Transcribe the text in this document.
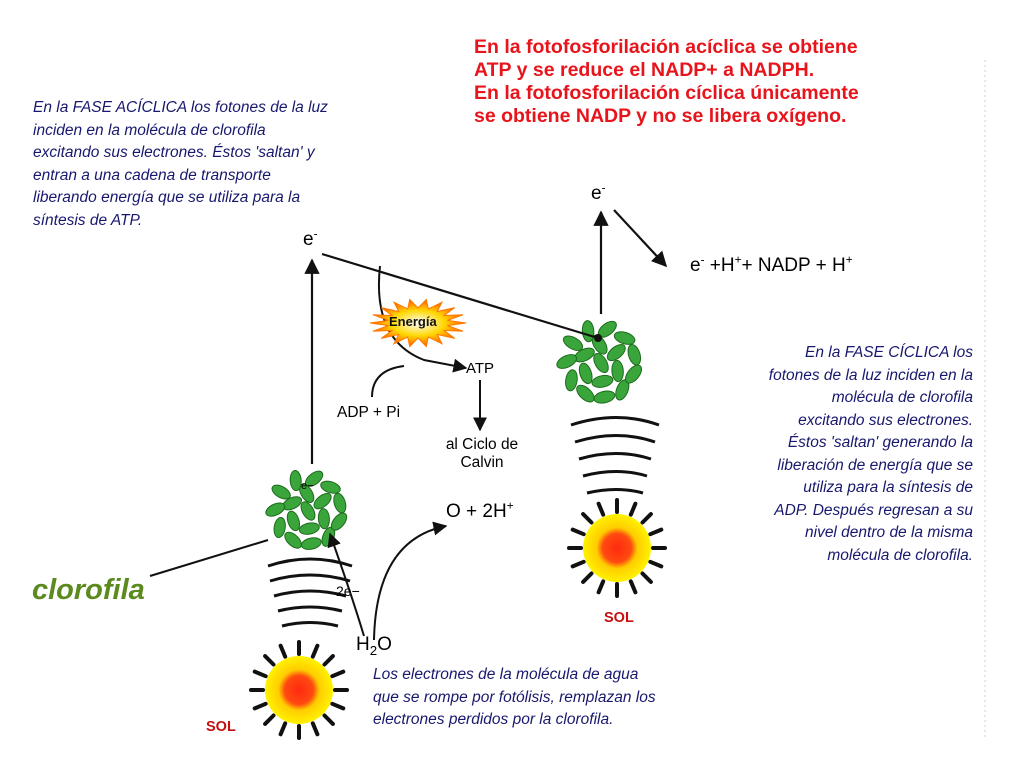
En la fotofosforilación acíclica se obtiene
ATP y se reduce el NADP+ a NADPH.
En la fotofosforilación cíclica únicamente
se obtiene NADP y no se libera oxígeno.
En la FASE ACÍCLICA los fotones de la luz
inciden en la molécula de clorofila
excitando sus electrones. Éstos 'saltan' y
entran a una cadena de transporte
liberando energía que se utiliza para la
síntesis de ATP.
En la FASE CÍCLICA los
fotones de la luz inciden en la
molécula de clorofila
excitando sus electrones.
Éstos 'saltan' generando la
liberación de energía que se
utiliza para la síntesis de
ADP. Después regresan a su
nivel dentro de la misma
molécula de clorofila.
Los electrones de la molécula de agua
que se rompe por fotólisis, remplazan los
electrones perdidos por la clorofila.
e-
e-
e- +H++ NADP + H+
Energía
ATP
ADP + Pi
al Ciclo de
Calvin
O + 2H+
2e−
$H_2O$
e−
clorofila
SOL
SOL
